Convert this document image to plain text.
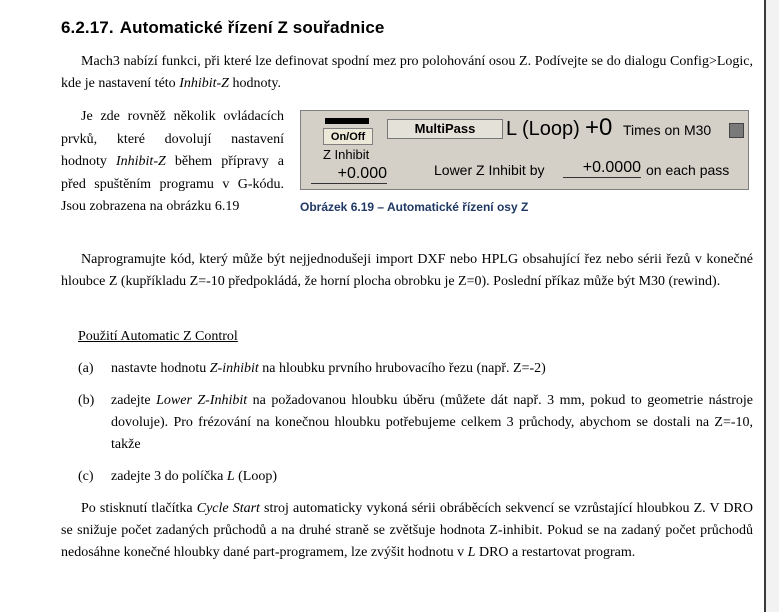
6.2.17. Automatické řízení Z souřadnice
Mach3 nabízí funkci, při které lze definovat spodní mez pro polohování osou Z. Podívejte se do dialogu Config>Logic, kde je nastavení této Inhibit-Z hodnoty.
Je zde rovněž několik ovládacích prvků, které dovolují nastavení hodnoty Inhibit-Z během přípravy a před spuštěním programu v G-kódu. Jsou zobrazena na obrázku 6.19
On/Off
MultiPass	L (Loop) +0 Times on M30
Z Inhibit
+0.000	Lower Z Inhibit by	+0.0000 on each pass
Obrázek 6.19 – Automatické řízení osy Z
Naprogramujte kód, který může být nejjednodušeji import DXF nebo HPLG obsahující řez nebo sérii řezů v konečné hloubce Z (kupříkladu Z=-10 předpokládá, že horní plocha obrobku je Z=0). Poslední příkaz může být M30 (rewind).
Použití Automatic Z Control
(a) nastavte hodnotu Z-inhibit na hloubku prvního hrubovacího řezu (např. Z=-2)
(b) zadejte Lower Z-Inhibit na požadovanou hloubku úběru (můžete dát např. 3 mm, pokud to geometrie nástroje dovoluje). Pro frézování na konečnou hloubku potřebujeme celkem 3 průchody, abychom se dostali na Z=-10, takže
(c) zadejte 3 do políčka L (Loop)
Po stisknutí tlačítka Cycle Start stroj automaticky vykoná sérii obráběcích sekvencí se vzrůstající hloubkou Z. V DRO se snižuje počet zadaných průchodů a na druhé straně se zvětšuje hodnota Z-inhibit. Pokud se na zadaný počet průchodů nedosáhne konečné hloubky dané part-programem, lze zvýšit hodnotu v L DRO a restartovat program.
